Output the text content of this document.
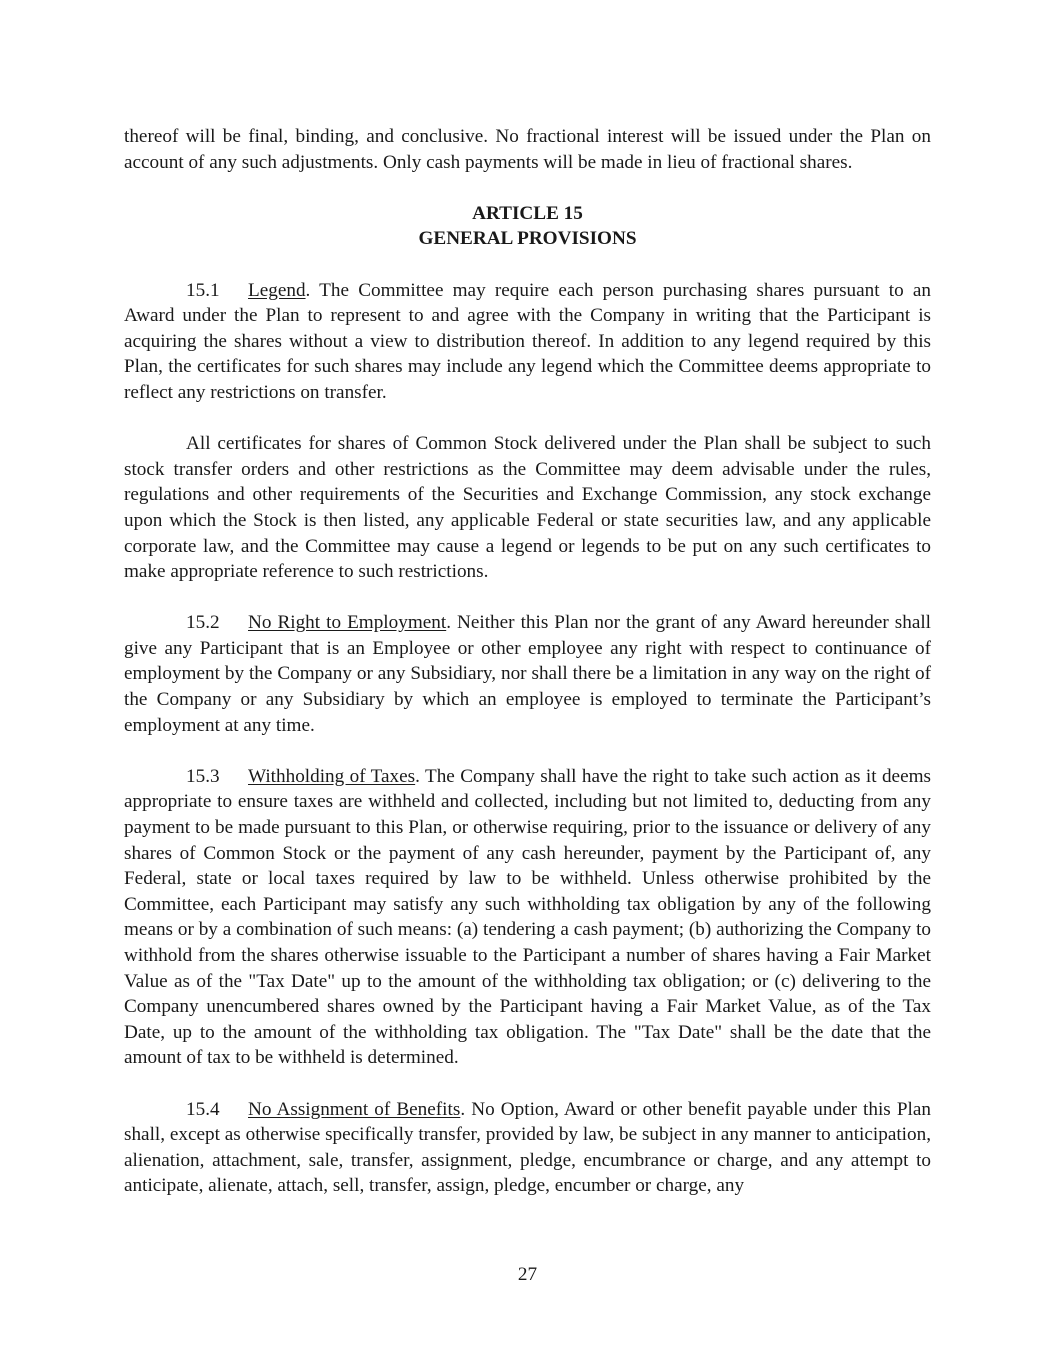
thereof will be final, binding, and conclusive. No fractional interest will be issued under the Plan on account of any such adjustments. Only cash payments will be made in lieu of fractional shares.

ARTICLE 15
GENERAL PROVISIONS

15.1 Legend. The Committee may require each person purchasing shares pursuant to an Award under the Plan to represent to and agree with the Company in writing that the Participant is acquiring the shares without a view to distribution thereof. In addition to any legend required by this Plan, the certificates for such shares may include any legend which the Committee deems appropriate to reflect any restrictions on transfer.

All certificates for shares of Common Stock delivered under the Plan shall be subject to such stock transfer orders and other restrictions as the Committee may deem advisable under the rules, regulations and other requirements of the Securities and Exchange Commission, any stock exchange upon which the Stock is then listed, any applicable Federal or state securities law, and any applicable corporate law, and the Committee may cause a legend or legends to be put on any such certificates to make appropriate reference to such restrictions.

15.2 No Right to Employment. Neither this Plan nor the grant of any Award hereunder shall give any Participant that is an Employee or other employee any right with respect to continuance of employment by the Company or any Subsidiary, nor shall there be a limitation in any way on the right of the Company or any Subsidiary by which an employee is employed to terminate the Participant’s employment at any time.

15.3 Withholding of Taxes. The Company shall have the right to take such action as it deems appropriate to ensure taxes are withheld and collected, including but not limited to, deducting from any payment to be made pursuant to this Plan, or otherwise requiring, prior to the issuance or delivery of any shares of Common Stock or the payment of any cash hereunder, payment by the Participant of, any Federal, state or local taxes required by law to be withheld. Unless otherwise prohibited by the Committee, each Participant may satisfy any such withholding tax obligation by any of the following means or by a combination of such means: (a) tendering a cash payment; (b) authorizing the Company to withhold from the shares otherwise issuable to the Participant a number of shares having a Fair Market Value as of the "Tax Date" up to the amount of the withholding tax obligation; or (c) delivering to the Company unencumbered shares owned by the Participant having a Fair Market Value, as of the Tax Date, up to the amount of the withholding tax obligation. The "Tax Date" shall be the date that the amount of tax to be withheld is determined.

15.4 No Assignment of Benefits. No Option, Award or other benefit payable under this Plan shall, except as otherwise specifically transfer, provided by law, be subject in any manner to anticipation, alienation, attachment, sale, transfer, assignment, pledge, encumbrance or charge, and any attempt to anticipate, alienate, attach, sell, transfer, assign, pledge, encumber or charge, any

27
